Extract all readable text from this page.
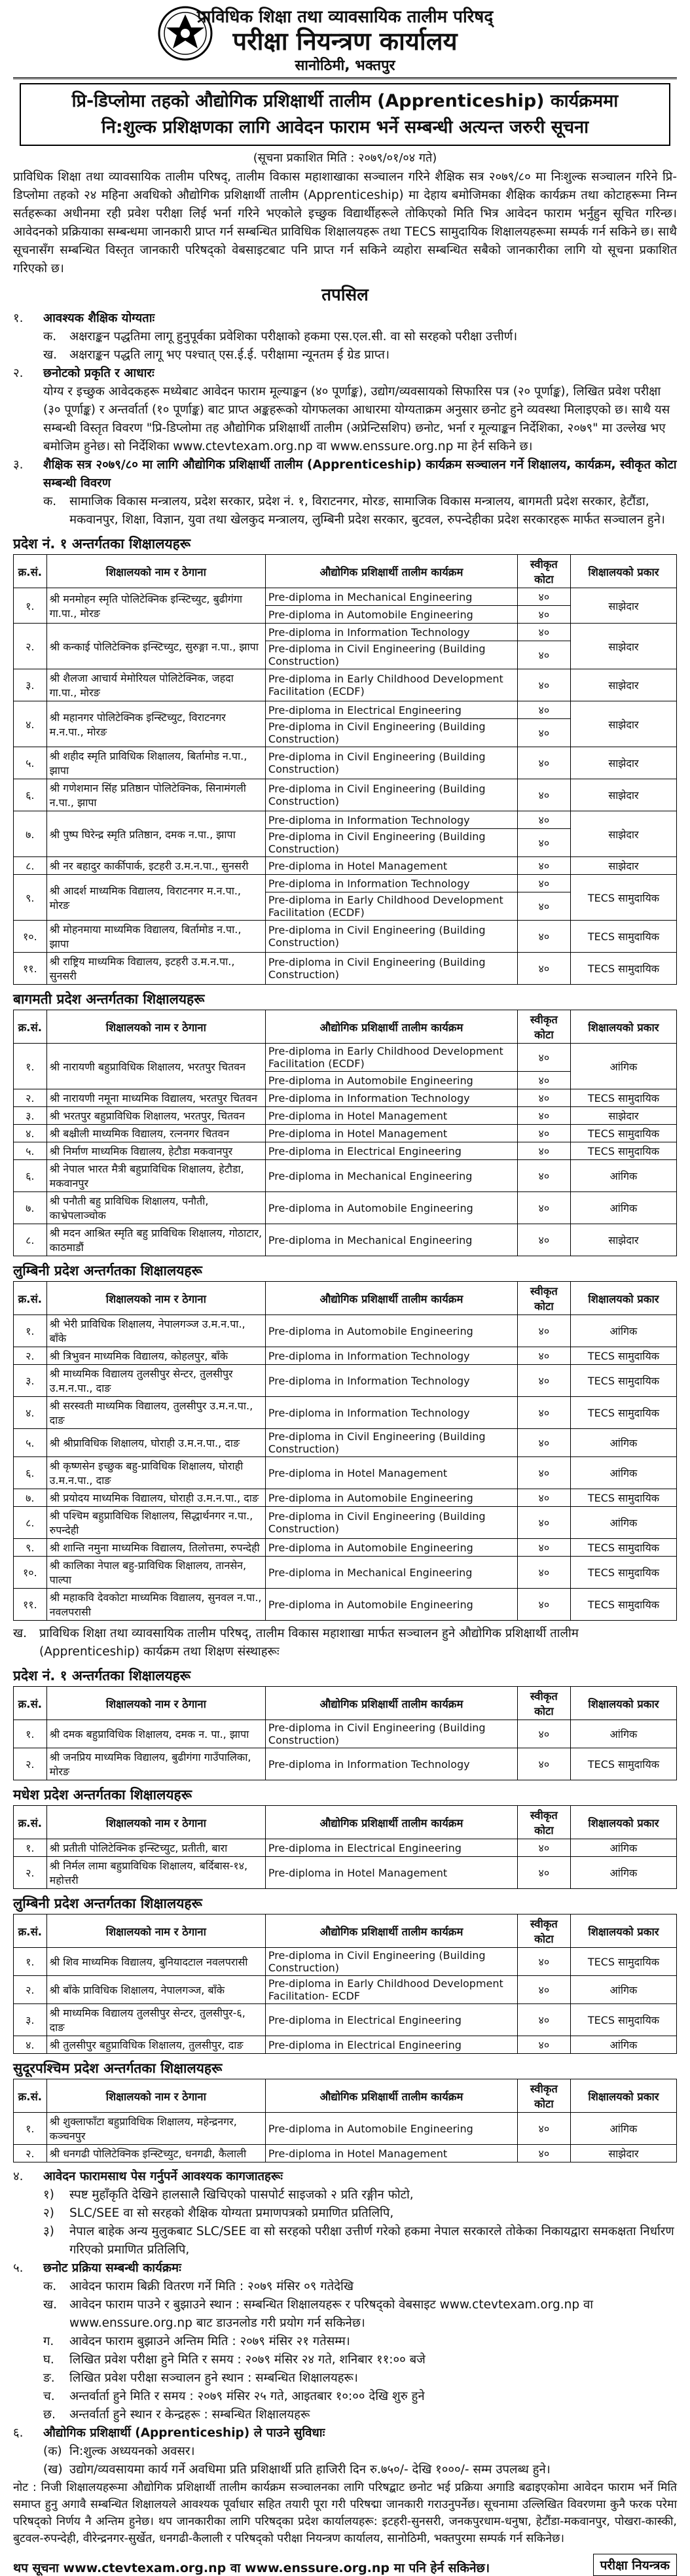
प्राविधिक शिक्षा तथा व्यावसायिक तालीम परिषद्
परीक्षा नियन्त्रण कार्यालय
सानोठिमी, भक्तपुर
प्रि-डिप्लोमा तहको औद्योगिक प्रशिक्षार्थी तालीम (Apprenticeship) कार्यक्रममा
नि:शुल्क प्रशिक्षणका लागि आवेदन फाराम भर्ने सम्बन्धी अत्यन्त जरुरी सूचना
(सूचना प्रकाशित मिति : २०७९/०१/०४ गते)
प्राविधिक शिक्षा तथा व्यावसायिक तालीम परिषद्, तालीम विकास महाशाखाका सञ्चालन गरिने शैक्षिक सत्र २०७९/८० मा निःशुल्क सञ्चालन गरिने प्रि-डिप्लोमा तहको २४ महिना अवधिको औद्योगिक प्रशिक्षार्थी तालीम (Apprenticeship) मा देहाय बमोजिमका शैक्षिक कार्यक्रम तथा कोटाहरूमा निम्न सर्तहरूका अधीनमा रही प्रवेश परीक्षा लिई भर्ना गरिने भएकोले इच्छुक विद्यार्थीहरूले तोकिएको मिति भित्र आवेदन फाराम भर्नुहुन सूचित गरिन्छ। आवेदनको प्रक्रियाका सम्बन्धमा जानकारी प्राप्त गर्न सम्बन्धित प्राविधिक शिक्षालयहरू तथा TECS सामुदायिक शिक्षालयहरूमा सम्पर्क गर्न सकिने छ। साथै सूचनासँग सम्बन्धित विस्तृत जानकारी परिषद्को वेबसाइटबाट पनि प्राप्त गर्न सकिने व्यहोरा सम्बन्धित सबैको जानकारीका लागि यो सूचना प्रकाशित गरिएको छ।
तपसिल
१.	आवश्यक शैक्षिक योग्यताः
क.	अक्षराङ्कन पद्धतिमा लागू हुनुपूर्वका प्रवेशिका परीक्षाको हकमा एस.एल.सी. वा सो सरहको परीक्षा उत्तीर्ण।
ख.	अक्षराङ्कन पद्धति लागू भए पश्चात् एस.ई.ई. परीक्षामा न्यूनतम ई ग्रेड प्राप्त।
२.	छनोटको प्रकृति र आधारः
योग्य र इच्छुक आवेदकहरू मध्येबाट आवेदन फाराम मूल्याङ्कन (४० पूर्णाङ्क), उद्योग/व्यवसायको सिफारिस पत्र (२० पूर्णाङ्क), लिखित प्रवेश परीक्षा (३० पूर्णाङ्क) र अन्तर्वार्ता (१० पूर्णाङ्क) बाट प्राप्त अङ्कहरूको योगफलका आधारमा योग्यताक्रम अनुसार छनोट हुने व्यवस्था मिलाइएको छ। साथै यस सम्बन्धी विस्तृत विवरण "प्रि-डिप्लोमा तह औद्योगिक प्रशिक्षार्थी तालीम (अप्रेन्टिसशिप) छनोट, भर्ना र मूल्याङ्कन निर्देशिका, २०७९" मा उल्लेख भए बमोजिम हुनेछ। सो निर्देशिका www.ctevtexam.org.np वा www.enssure.org.np मा हेर्न सकिने छ।
३.	शैक्षिक सत्र २०७९/८० मा लागि औद्योगिक प्रशिक्षार्थी तालीम (Apprenticeship) कार्यक्रम सञ्चालन गर्ने शिक्षालय, कार्यक्रम, स्वीकृत कोटा सम्बन्धी विवरण
क.	सामाजिक विकास मन्त्रालय, प्रदेश सरकार, प्रदेश नं. १, विराटनगर, मोरङ, सामाजिक विकास मन्त्रालय, बागमती प्रदेश सरकार, हेटौंडा, मकवानपुर, शिक्षा, विज्ञान, युवा तथा खेलकुद मन्त्रालय, लुम्बिनी प्रदेश सरकार, बुटवल, रुपन्देहीका प्रदेश सरकारहरू मार्फत सञ्चालन हुने।
प्रदेश नं. १ अन्तर्गतका शिक्षालयहरू
क्र.सं.	शिक्षालयको नाम र ठेगाना	औद्योगिक प्रशिक्षार्थी तालीम कार्यक्रम	स्वीकृत कोटा	शिक्षालयको प्रकार
१.	श्री मनमोहन स्मृति पोलिटेक्निक इन्स्टिच्युट, बुढीगंगा गा.पा., मोरङ	Pre-diploma in Mechanical Engineering	४०	साझेदार
		Pre-diploma in Automobile Engineering	४०	
२.	श्री कन्काई पोलिटेक्निक इन्स्टिच्युट, सुरुङ्गा न.पा., झापा	Pre-diploma in Information Technology	४०	साझेदार
		Pre-diploma in Civil Engineering (Building Construction)	४०	
३.	श्री शैलजा आचार्य मेमोरियल पोलिटेक्निक, जहदा गा.पा., मोरङ	Pre-diploma in Early Childhood Development Facilitation (ECDF)	४०	साझेदार
४.	श्री महानगर पोलिटेक्निक इन्स्टिच्युट, विराटनगर म.न.पा., मोरङ	Pre-diploma in Electrical Engineering	४०	साझेदार
		Pre-diploma in Civil Engineering (Building Construction)	४०	
५.	श्री शहीद स्मृति प्राविधिक शिक्षालय, बिर्तामोड न.पा., झापा	Pre-diploma in Civil Engineering (Building Construction)	४०	साझेदार
६.	श्री गणेशमान सिंह प्रतिष्ठान पोलिटेक्निक, सिनामंगली न.पा., झापा	Pre-diploma in Civil Engineering (Building Construction)	४०	साझेदार
७.	श्री पुष्प घिरेन्द्र स्मृति प्रतिष्ठान, दमक न.पा., झापा	Pre-diploma in Information Technology	४०	साझेदार
		Pre-diploma in Civil Engineering (Building Construction)	४०	
८.	श्री नर बहादुर कार्कीपार्क, इटहरी उ.म.न.पा., सुनसरी	Pre-diploma in Hotel Management	४०	साझेदार
९.	श्री आदर्श माध्यमिक विद्यालय, विराटनगर म.न.पा., मोरङ	Pre-diploma in Information Technology	४०	TECS सामुदायिक
		Pre-diploma in Early Childhood Development Facilitation (ECDF)	४०	
१०.	श्री मोहनमाया माध्यमिक विद्यालय, बिर्तामोड न.पा., झापा	Pre-diploma in Civil Engineering (Building Construction)	४०	TECS सामुदायिक
११.	श्री राष्ट्रिय माध्यमिक विद्यालय, इटहरी उ.म.न.पा., सुनसरी	Pre-diploma in Civil Engineering (Building Construction)	४०	TECS सामुदायिक
बागमती प्रदेश अन्तर्गतका शिक्षालयहरू
क्र.सं.	शिक्षालयको नाम र ठेगाना	औद्योगिक प्रशिक्षार्थी तालीम कार्यक्रम	स्वीकृत कोटा	शिक्षालयको प्रकार
१.	श्री नारायणी बहुप्राविधिक शिक्षालय, भरतपुर चितवन	Pre-diploma in Early Childhood Development Facilitation (ECDF)	४०	आंगिक
		Pre-diploma in Automobile Engineering	४०	
२.	श्री नारायणी नमूना माध्यमिक विद्यालय, भरतपुर चितवन	Pre-diploma in Information Technology	४०	TECS सामुदायिक
३.	श्री भरतपुर बहुप्राविधिक शिक्षालय, भरतपुर, चितवन	Pre-diploma in Hotel Management	४०	साझेदार
४.	श्री बक्ष्रीली माध्यमिक विद्यालय, रत्ननगर चितवन	Pre-diploma in Hotel Management	४०	TECS सामुदायिक
५.	श्री निर्माण माध्यमिक विद्यालय, हेटौडा मकवानपुर	Pre-diploma in Electrical Engineering	४०	TECS सामुदायिक
६.	श्री नेपाल भारत मैत्री बहुप्राविधिक शिक्षालय, हेटौडा, मकवानपुर	Pre-diploma in Mechanical Engineering	४०	आंगिक
७.	श्री पनौती बहु प्राविधिक शिक्षालय, पनौती, काभ्रेपलाञ्चोक	Pre-diploma in Automobile Engineering	४०	आंगिक
८.	श्री मदन आश्रित स्मृति बहु प्राविधिक शिक्षालय, गोठाटार, काठमाडौं	Pre-diploma in Mechanical Engineering	४०	साझेदार
लुम्बिनी प्रदेश अन्तर्गतका शिक्षालयहरू
क्र.सं.	शिक्षालयको नाम र ठेगाना	औद्योगिक प्रशिक्षार्थी तालीम कार्यक्रम	स्वीकृत कोटा	शिक्षालयको प्रकार
१.	श्री भेरी प्राविधिक शिक्षालय, नेपालगञ्ज उ.म.न.पा., बाँके	Pre-diploma in Automobile Engineering	४०	आंगिक
२.	श्री त्रिभुवन माध्यमिक विद्यालय, कोहलपुर, बाँके	Pre-diploma in Information Technology	४०	TECS सामुदायिक
३.	श्री माध्यमिक विद्यालय तुलसीपुर सेन्टर, तुलसीपुर उ.म.न.पा., दाङ	Pre-diploma in Information Technology	४०	TECS सामुदायिक
४.	श्री सरस्वती माध्यमिक विद्यालय, तुलसीपुर उ.म.न.पा., दाङ	Pre-diploma in Information Technology	४०	TECS सामुदायिक
५.	श्री श्रीप्राविधिक शिक्षालय, घोराही उ.म.न.पा., दाङ	Pre-diploma in Civil Engineering (Building Construction)	४०	आंगिक
६.	श्री कृष्णसेन इच्छुक बहु-प्राविधिक शिक्षालय, घोराही उ.म.न.पा., दाङ	Pre-diploma in Hotel Management	४०	आंगिक
७.	श्री प्रयोदय माध्यमिक विद्यालय, घोराही उ.म.न.पा., दाङ	Pre-diploma in Automobile Engineering	४०	TECS सामुदायिक
८.	श्री पश्चिम बहुप्राविधिक शिक्षालय, सिद्धार्थनगर न.पा., रुपन्देही	Pre-diploma in Civil Engineering (Building Construction)	४०	आंगिक
९.	श्री शान्ति नमुना माध्यमिक विद्यालय, तिलोत्तमा, रुपन्देही	Pre-diploma in Automobile Engineering	४०	TECS सामुदायिक
१०.	श्री कालिका नेपाल बहु-प्राविधिक शिक्षालय, तानसेन, पाल्पा	Pre-diploma in Mechanical Engineering	४०	TECS सामुदायिक
११.	श्री महाकवि देवकोटा माध्यमिक विद्यालय, सुनवल न.पा., नवलपरासी	Pre-diploma in Automobile Engineering	४०	TECS सामुदायिक
ख.	प्राविधिक शिक्षा तथा व्यावसायिक तालीम परिषद्, तालीम विकास महाशाखा मार्फत सञ्चालन हुने औद्योगिक प्रशिक्षार्थी तालीम (Apprenticeship) कार्यक्रम तथा शिक्षण संस्थाहरूः
प्रदेश नं. १ अन्तर्गतका शिक्षालयहरू
क्र.सं.	शिक्षालयको नाम र ठेगाना	औद्योगिक प्रशिक्षार्थी तालीम कार्यक्रम	स्वीकृत कोटा	शिक्षालयको प्रकार
१.	श्री दमक बहुप्राविधिक शिक्षालय, दमक न. पा., झापा	Pre-diploma in Civil Engineering (Building Construction)	४०	आंगिक
२.	श्री जनप्रिय माध्यमिक विद्यालय, बुढीगंगा गाउँपालिका, मोरङ	Pre-diploma in Information Technology	४०	TECS सामुदायिक
मधेश प्रदेश अन्तर्गतका शिक्षालयहरू
क्र.सं.	शिक्षालयको नाम र ठेगाना	औद्योगिक प्रशिक्षार्थी तालीम कार्यक्रम	स्वीकृत कोटा	शिक्षालयको प्रकार
१.	श्री प्रतीती पोलिटेक्निक इन्स्टिच्युट, प्रतीती, बारा	Pre-diploma in Electrical Engineering	४०	आंगिक
२.	श्री निर्मल लामा बहुप्राविधिक शिक्षालय, बर्दिबास-१४, महोत्तरी	Pre-diploma in Hotel Management	४०	आंगिक
लुम्बिनी प्रदेश अन्तर्गतका शिक्षालयहरू
क्र.सं.	शिक्षालयको नाम र ठेगाना	औद्योगिक प्रशिक्षार्थी तालीम कार्यक्रम	स्वीकृत कोटा	शिक्षालयको प्रकार
१.	श्री शिव माध्यमिक विद्यालय, बुनियादटाल नवलपरासी	Pre-diploma in Civil Engineering (Building Construction)	४०	TECS सामुदायिक
२.	श्री बाँके प्राविधिक शिक्षालय, नेपालगञ्ज, बाँके	Pre-diploma in Early Childhood Development Facilitation- ECDF	४०	आंगिक
३.	श्री माध्यमिक विद्यालय तुलसीपुर सेन्टर, तुलसीपुर-६, दाङ	Pre-diploma in Electrical Engineering	४०	TECS सामुदायिक
४.	श्री तुलसीपुर बहुप्राविधिक शिक्षालय, तुलसीपुर, दाङ	Pre-diploma in Electrical Engineering	४०	आंगिक
सुदूरपश्चिम प्रदेश अन्तर्गतका शिक्षालयहरू
क्र.सं.	शिक्षालयको नाम र ठेगाना	औद्योगिक प्रशिक्षार्थी तालीम कार्यक्रम	स्वीकृत कोटा	शिक्षालयको प्रकार
१.	श्री शुक्लाफाँटा बहुप्राविधिक शिक्षालय, महेन्द्रनगर, कञ्चनपुर	Pre-diploma in Automobile Engineering	४०	आंगिक
२.	श्री धनगढी पोलिटेक्निक इन्स्टिच्युट, धनगढी, कैलाली	Pre-diploma in Hotel Management	४०	साझेदार
४.	आवेदन फारामसाथ पेस गर्नुपर्ने आवश्यक कागजातहरूः
१)	स्पष्ट मुहाँकृति देखिने हालसालै खिचिएको पासपोर्ट साइजको २ प्रति रङ्गीन फोटो,
२)	SLC/SEE वा सो सरहको शैक्षिक योग्यता प्रमाणपत्रको प्रमाणित प्रतिलिपि,
३)	नेपाल बाहेक अन्य मुलुकबाट SLC/SEE वा सो सरहको परीक्षा उत्तीर्ण गरेको हकमा नेपाल सरकारले तोकेका निकायद्वारा समकक्षता निर्धारण गरिएको प्रमाणित प्रतिलिपि,
५.	छनोट प्रक्रिया सम्बन्धी कार्यक्रमः
क.	आवेदन फाराम बिक्री वितरण गर्ने मिति : २०७९ मंसिर ०९ गतेदेखि
ख.	आवेदन फाराम पाउने र बुझाउने स्थान : सम्बन्धित शिक्षालयहरू र परिषद्को वेबसाइट www.ctevtexam.org.np वा www.enssure.org.np बाट डाउनलोड गरी प्रयोग गर्न सकिनेछ।
ग.	आवेदन फाराम बुझाउने अन्तिम मिति : २०७९ मंसिर २१ गतेसम्म।
घ.	लिखित प्रवेश परीक्षा हुने मिति र समय : २०७९ मंसिर २४ गते, शनिबार ११:०० बजे
ङ.	लिखित प्रवेश परीक्षा सञ्चालन हुने स्थान : सम्बन्धित शिक्षालयहरू।
च.	अन्तर्वार्ता हुने मिति र समय : २०७९ मंसिर २५ गते, आइतबार १०:०० देखि शुरु हुने
छ.	अन्तर्वार्ता हुने स्थान र केन्द्रहरू : सम्बन्धित शिक्षालयहरू
६.	औद्योगिक प्रशिक्षार्थी (Apprenticeship) ले पाउने सुविधाः
(क) नि:शुल्क अध्ययनको अवसर।
(ख) उद्योग/व्यवसायमा कार्य गर्ने अवधिमा प्रति प्रशिक्षार्थी प्रति हाजिरी दिन रु.७५०/- देखि १०००/- सम्म उपलब्ध हुने।
नोट : निजी शिक्षालयहरूमा औद्योगिक प्रशिक्षार्थी तालीम कार्यक्रम सञ्चालनका लागि परिषद्बाट छनोट भई प्रक्रिया अगाडि बढाइएकोमा आवेदन फाराम भर्ने मिति समाप्त हुनु अगावै सम्बन्धित शिक्षालयले आवश्यक पूर्वाधार सहित तयारी पूरा गरी परिषद्मा जानकारी गराउनुपर्नेछ। सूचनामा उल्लिखित विवरणमा कुनै फरक परेमा परिषद्को निर्णय नै अन्तिम हुनेछ। थप जानकारीका लागि परिषद्का प्रदेश कार्यालयहरू: इटहरी-सुनसरी, जनकपुरधाम-धनुषा, हेटौंडा-मकवानपुर, पोखरा-कास्की, बुटवल-रुपन्देही, वीरेन्द्रनगर-सुर्खेत, धनगढी-कैलाली र परिषद्को परीक्षा नियन्त्रण कार्यालय, सानोठिमी, भक्तपुरमा सम्पर्क गर्न सकिनेछ।
थप सूचना www.ctevtexam.org.np वा www.enssure.org.np मा पनि हेर्न सकिनेछ।	परीक्षा नियन्त्रक
